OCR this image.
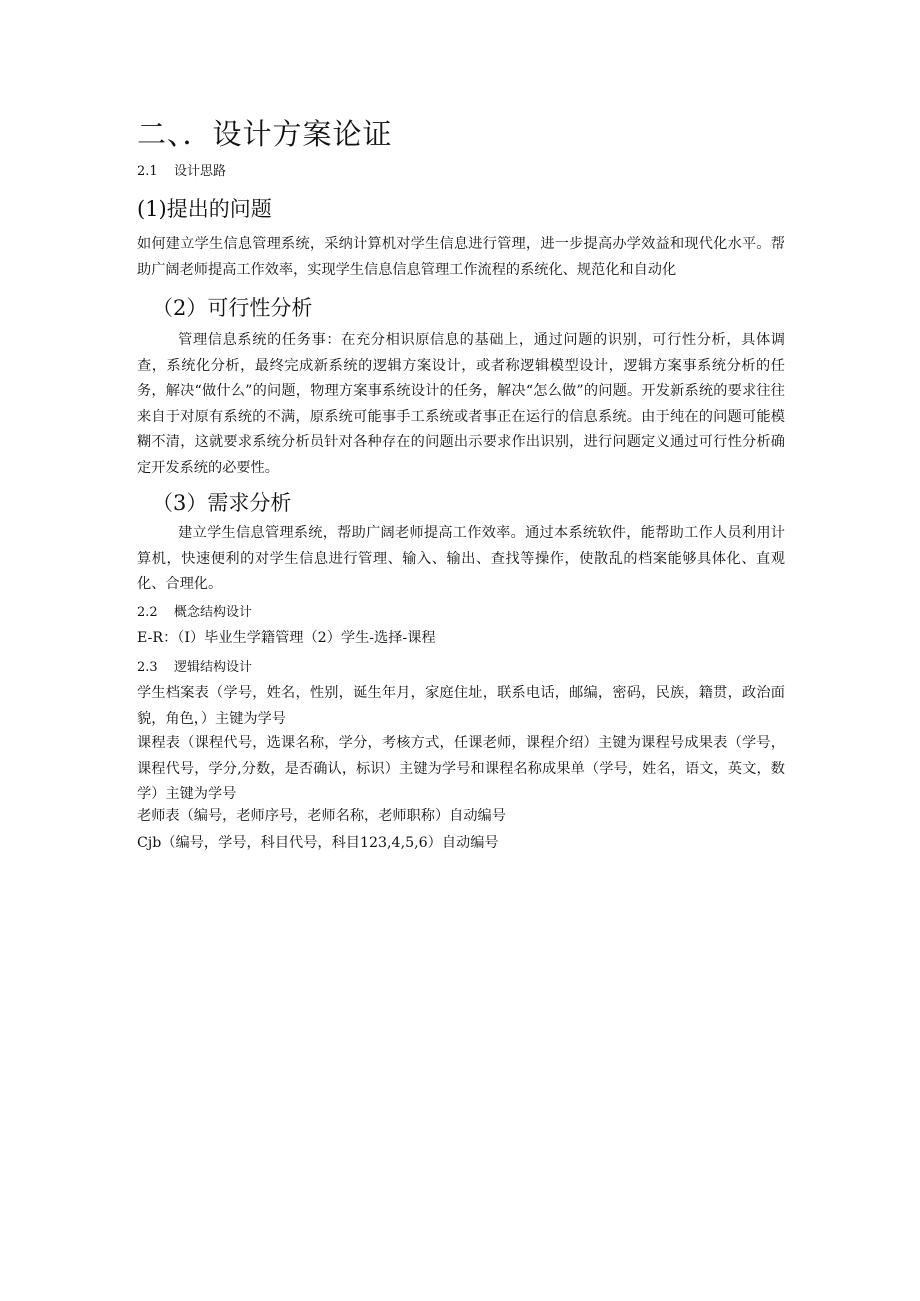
二、．设计方案论证
2.1 设计思路
(1)提出的问题

如何建立学生信息管理系统，采纳计算机对学生信息进行管理，进一步提高办学效益和现代化水平。帮助广阔老师提高工作效率，实现学生信息信息管理工作流程的系统化、规范化和自动化

（2）可行性分析

管理信息系统的任务事：在充分相识原信息的基础上，通过问题的识别，可行性分析，具体调查，系统化分析，最终完成新系统的逻辑方案设计，或者称逻辑模型设计，逻辑方案事系统分析的任务，解决“做什么”的问题，物理方案事系统设计的任务，解决“怎么做”的问题。开发新系统的要求往往来自于对原有系统的不满，原系统可能事手工系统或者事正在运行的信息系统。由于纯在的问题可能模糊不清，这就要求系统分析员针对各种存在的问题出示要求作出识别，进行问题定义通过可行性分析确定开发系统的必要性。

（3）需求分析

建立学生信息管理系统，帮助广阔老师提高工作效率。通过本系统软件，能帮助工作人员利用计算机，快速便利的对学生信息进行管理、输入、输出、查找等操作，使散乱的档案能够具体化、直观化、合理化。

2.2 概念结构设计
E-R：（I）毕业生学籍管理（2）学生-选择-课程
2.3 逻辑结构设计

学生档案表（学号，姓名，性别，诞生年月，家庭住址，联系电话，邮编，密码，民族，籍贯，政治面貌，角色，）主键为学号

课程表（课程代号，选课名称，学分，考核方式，任课老师，课程介绍）主键为课程号成果表（学号，课程代号，学分,分数，是否确认，标识）主键为学号和课程名称成果单（学号，姓名，语文，英文，数学）主键为学号

老师表（编号，老师序号，老师名称，老师职称）自动编号
Cjb（编号，学号，科目代号，科目123,4,5,6）自动编号
